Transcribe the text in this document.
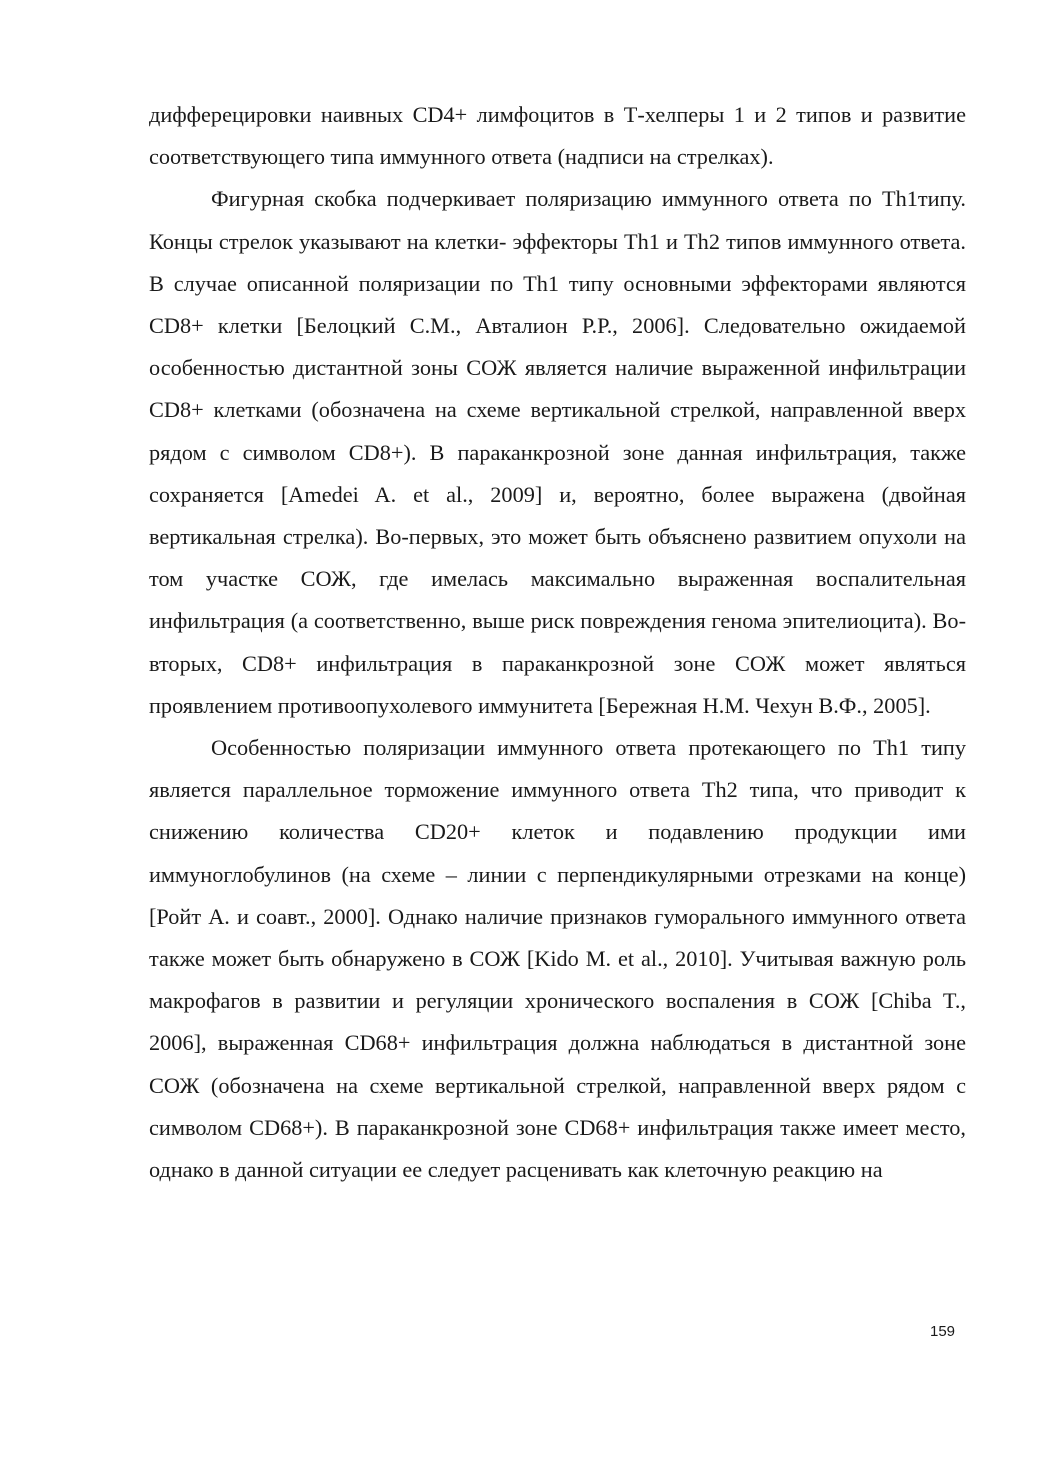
дифферецировки наивных CD4+ лимфоцитов в Т-хелперы 1 и 2 типов и развитие соответствующего типа иммунного ответа (надписи на стрелках).

Фигурная скобка подчеркивает поляризацию иммунного ответа по Th1типу. Концы стрелок указывают на клетки- эффекторы Th1 и Th2 типов иммунного ответа. В случае описанной поляризации по Th1 типу основными эффекторами являются CD8+ клетки [Белоцкий С.М., Авталион Р.Р., 2006]. Следовательно ожидаемой особенностью дистантной зоны СОЖ является наличие выраженной инфильтрации CD8+ клетками (обозначена на схеме вертикальной стрелкой, направленной вверх рядом с символом CD8+). В параканкрозной зоне данная инфильтрация, также сохраняется [Amedei A. et al., 2009] и, вероятно, более выражена (двойная вертикальная стрелка). Во-первых, это может быть объяснено развитием опухоли на том участке СОЖ, где имелась максимально выраженная воспалительная инфильтрация (а соответственно, выше риск повреждения генома эпителиоцита). Во-вторых, CD8+ инфильтрация в параканкрозной зоне СОЖ может являться проявлением противоопухолевого иммунитета [Бережная Н.М. Чехун В.Ф., 2005].

Особенностью поляризации иммунного ответа протекающего по Th1 типу является параллельное торможение иммунного ответа Th2 типа, что приводит к снижению количества CD20+ клеток и подавлению продукции ими иммуноглобулинов (на схеме – линии с перпендикулярными отрезками на конце) [Ройт А. и соавт., 2000]. Однако наличие признаков гуморального иммунного ответа также может быть обнаружено в СОЖ [Kido M. et al., 2010]. Учитывая важную роль макрофагов в развитии и регуляции хронического воспаления в СОЖ [Chiba T., 2006], выраженная CD68+ инфильтрация должна наблюдаться в дистантной зоне СОЖ (обозначена на схеме вертикальной стрелкой, направленной вверх рядом с символом CD68+). В параканкрозной зоне CD68+ инфильтрация также имеет место, однако в данной ситуации ее следует расценивать как клеточную реакцию на

159
